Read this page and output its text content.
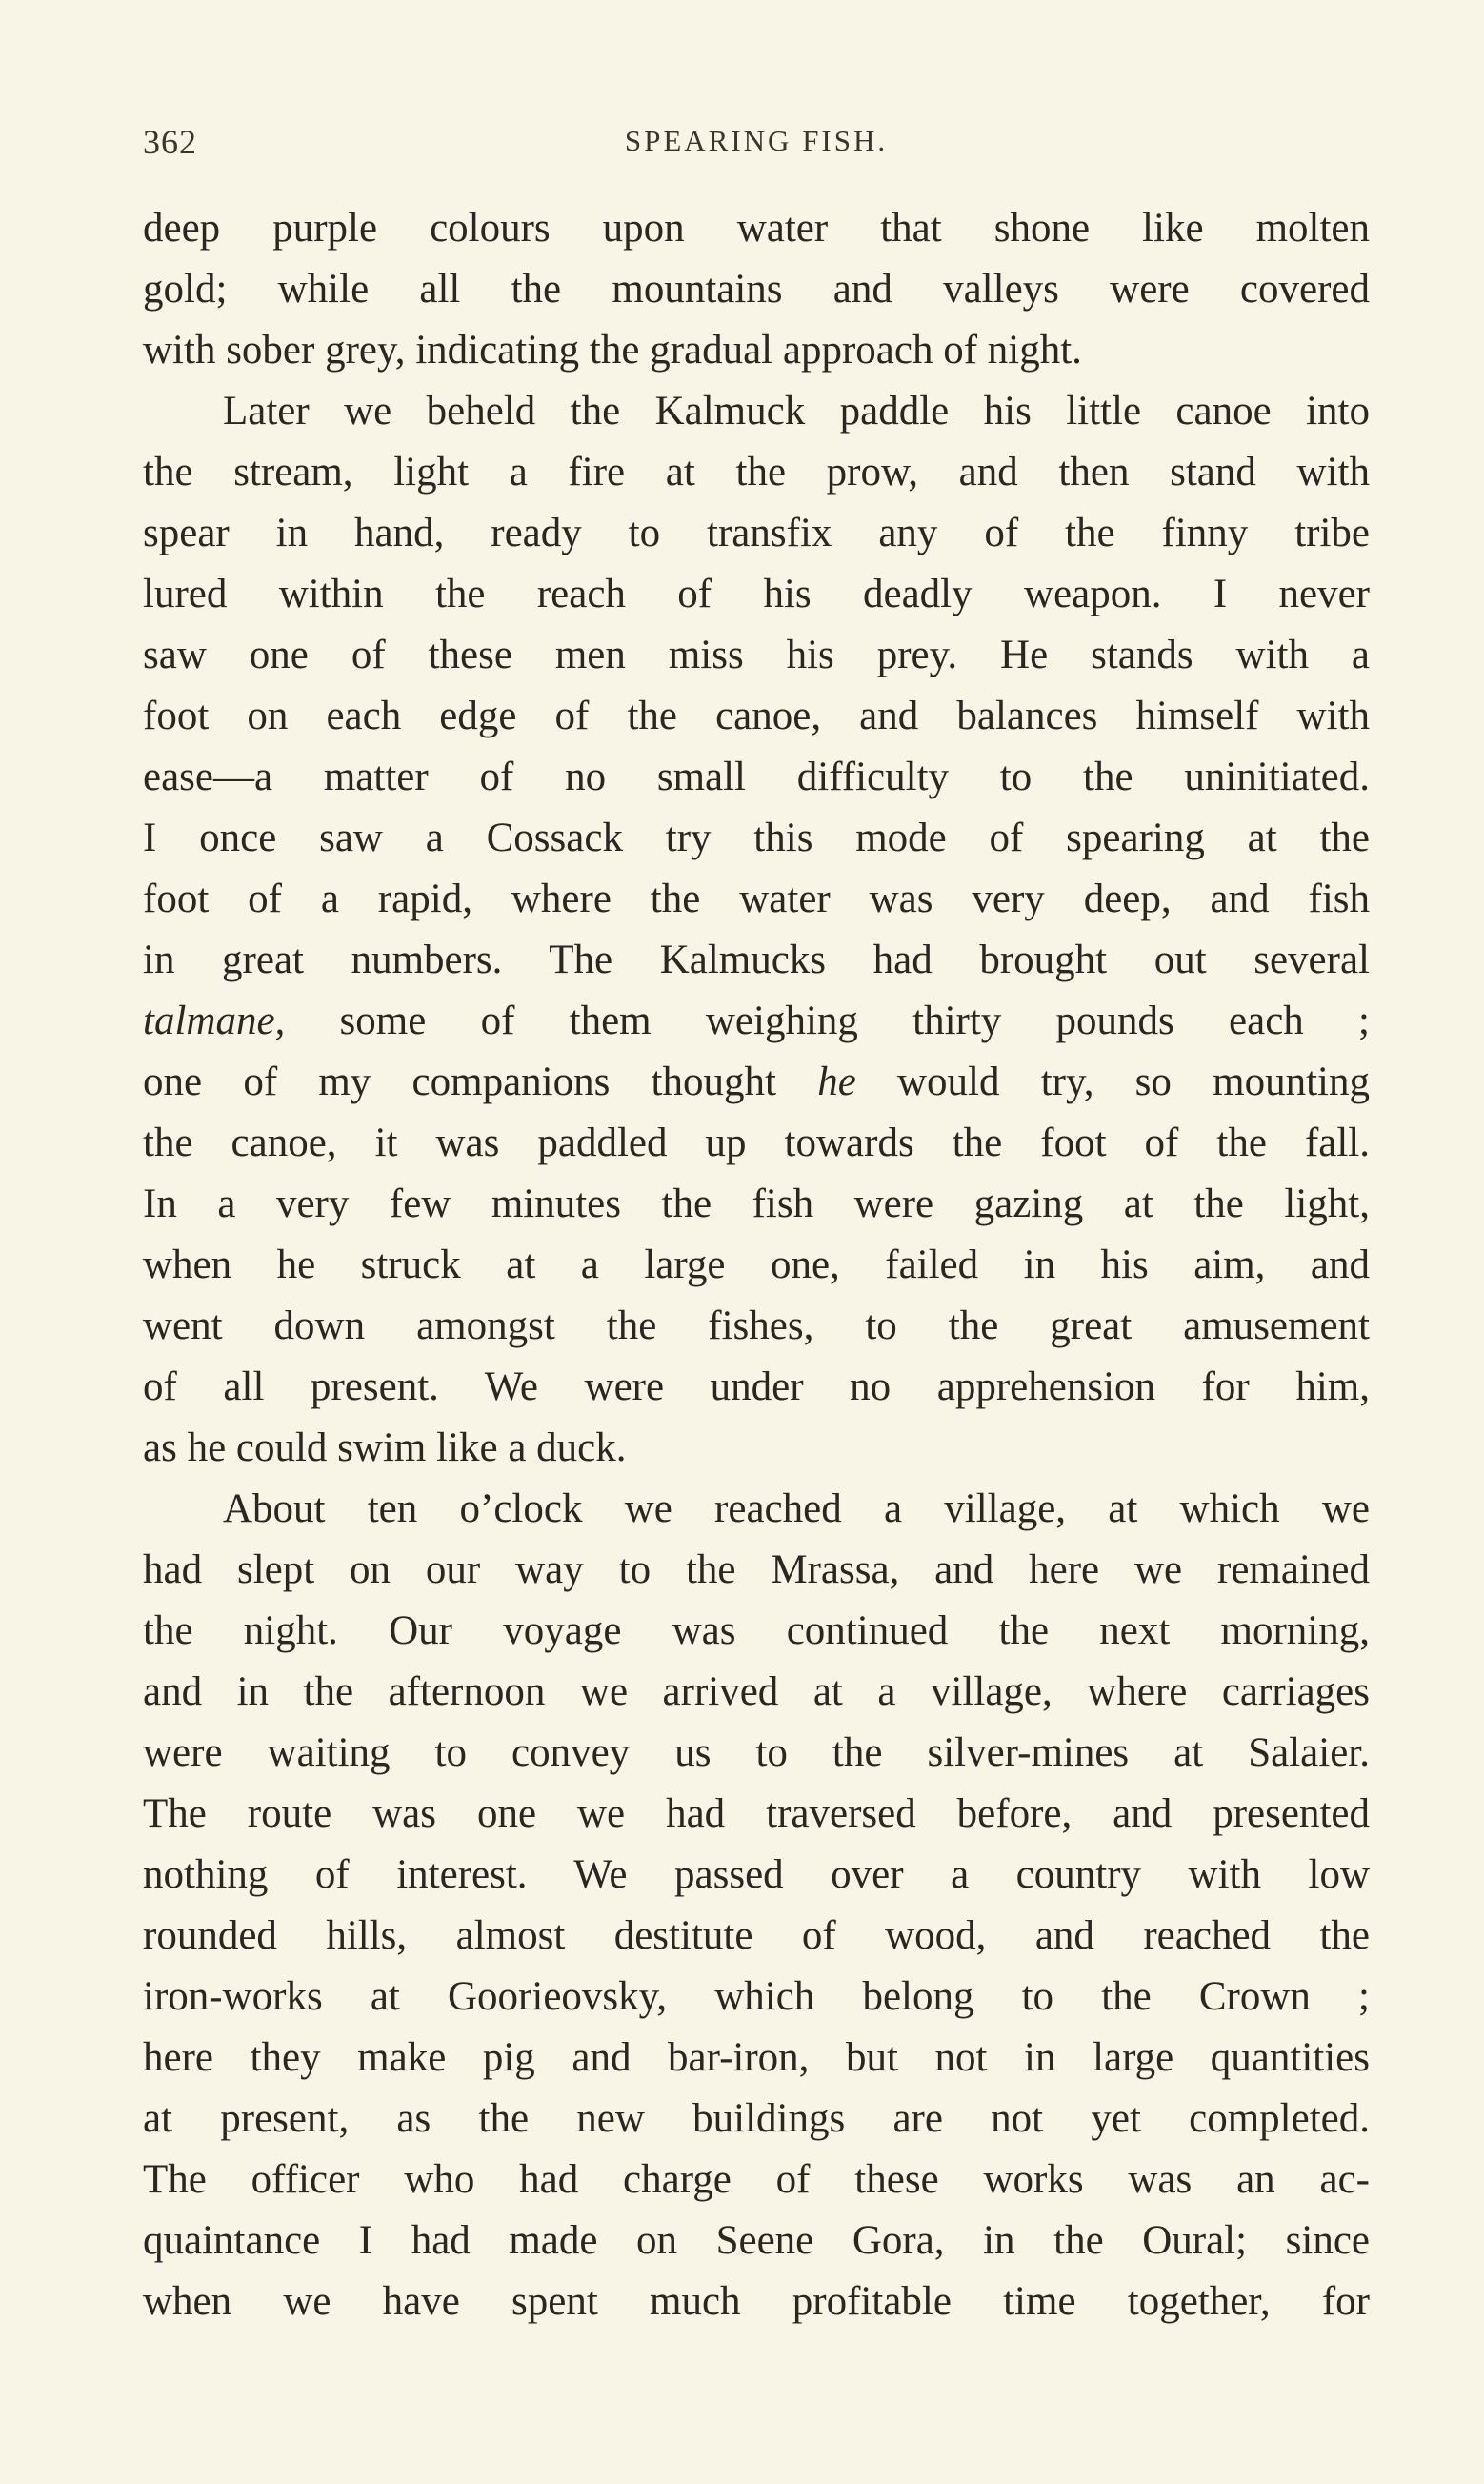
362	SPEARING FISH.
deep purple colours upon water that shone like molten
gold; while all the mountains and valleys were covered
with sober grey, indicating the gradual approach of night.
Later we beheld the Kalmuck paddle his little canoe into
the stream, light a fire at the prow, and then stand with
spear in hand, ready to transfix any of the finny tribe
lured within the reach of his deadly weapon. I never
saw one of these men miss his prey. He stands with a
foot on each edge of the canoe, and balances himself with
ease—a matter of no small difficulty to the uninitiated.
I once saw a Cossack try this mode of spearing at the
foot of a rapid, where the water was very deep, and fish
in great numbers. The Kalmucks had brought out several
talmane, some of them weighing thirty pounds each ;
one of my companions thought he would try, so mounting
the canoe, it was paddled up towards the foot of the fall.
In a very few minutes the fish were gazing at the light,
when he struck at a large one, failed in his aim, and
went down amongst the fishes, to the great amusement
of all present. We were under no apprehension for him,
as he could swim like a duck.
About ten o’clock we reached a village, at which we
had slept on our way to the Mrassa, and here we remained
the night. Our voyage was continued the next morning,
and in the afternoon we arrived at a village, where carriages
were waiting to convey us to the silver-mines at Salaier.
The route was one we had traversed before, and presented
nothing of interest. We passed over a country with low
rounded hills, almost destitute of wood, and reached the
iron-works at Goorieovsky, which belong to the Crown ;
here they make pig and bar-iron, but not in large quantities
at present, as the new buildings are not yet completed.
The officer who had charge of these works was an ac-
quaintance I had made on Seene Gora, in the Oural; since
when we have spent much profitable time together, for
